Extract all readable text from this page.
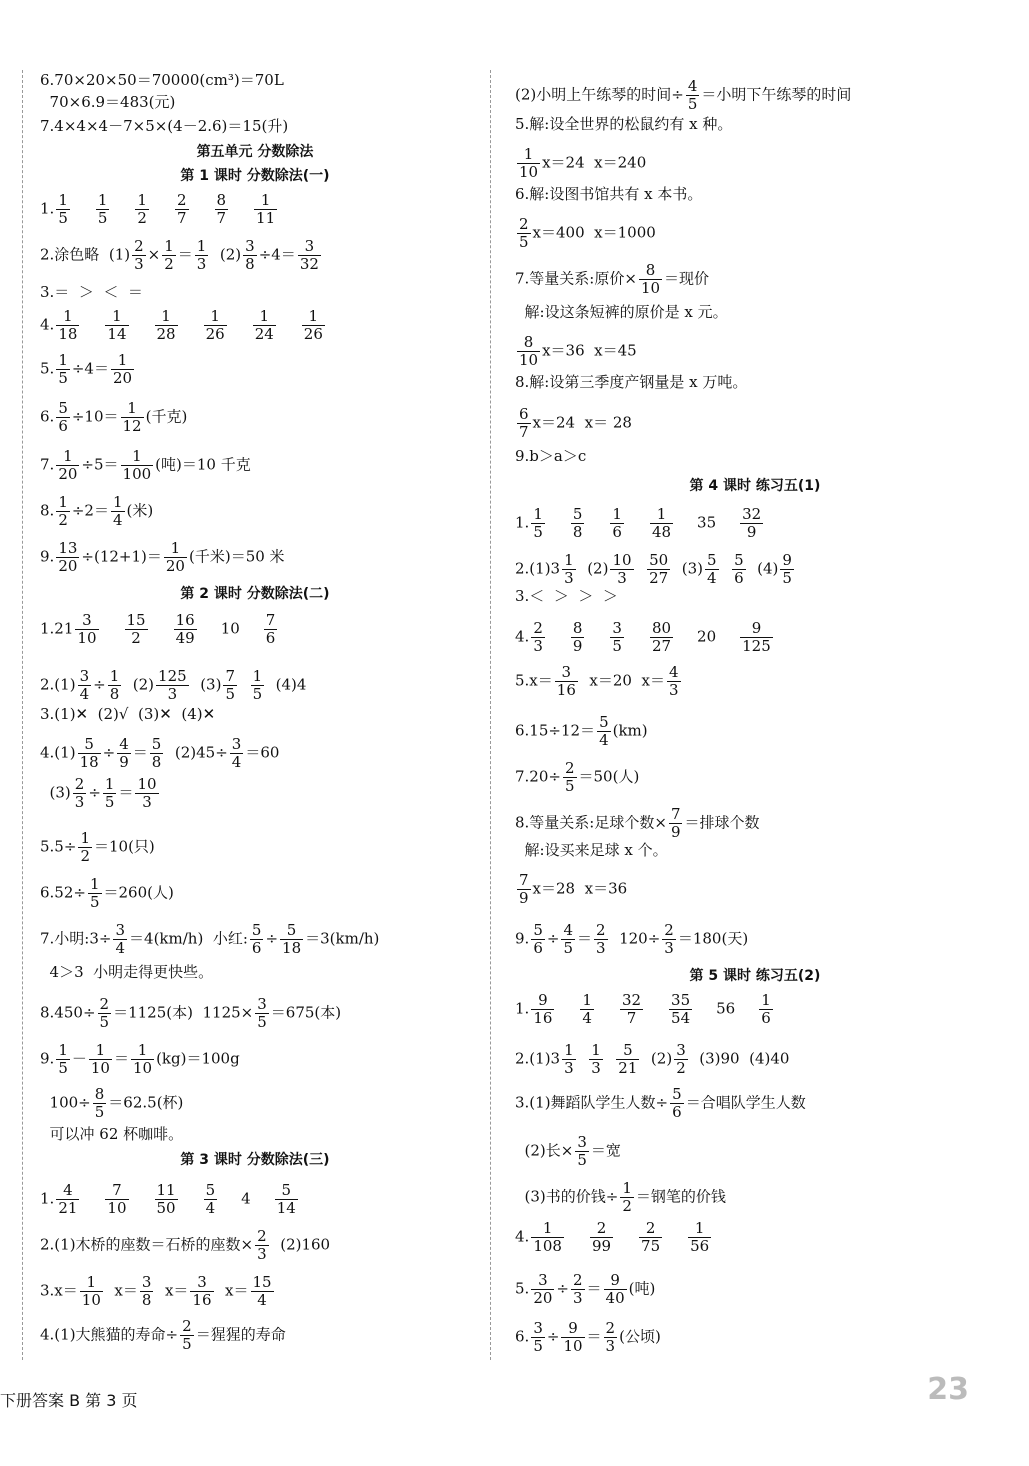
6.70×20×50＝70000(cm³)＝70L
70×6.9＝483(元)
7.4×4×4－7×5×(4－2.6)＝15(升)
第五单元 分数除法
第 1 课时 分数除法(一)
1. $\frac{1}{5} \frac{1}{5} \frac{1}{2} \frac{2}{7} \frac{8}{7} \frac{1}{11}$
2.涂色略  $(1) \frac{2}{3} \times \frac{1}{2} = \frac{1}{3} (2) \frac{3}{8} \div 4= \frac{3}{32}$
3.＝  ＞  ＜  ＝
4. $\frac{1}{18} \frac{1}{14} \frac{1}{28} \frac{1}{26} \frac{1}{24} \frac{1}{26}$
5. $\frac{1}{5} \div 4= \frac{1}{20}$
6. $\frac{5}{6} \div 10= \frac{1}{12}$ (千克)
7. $\frac{1}{20} \div 5= \frac{1}{100}$ (吨)＝10 千克
8. $\frac{1}{2} \div 2= \frac{1}{4}$ (米)
9. $\frac{13}{20} \div(12+1)= \frac{1}{20}$ (千米)＝50 米
第 2 课时 分数除法(二)
$1.21 \frac{3}{10} \frac{15}{2} \frac{16}{49} 10 \frac{7}{6}$
$2.(1) \frac{3}{4} \div \frac{1}{8} (2) \frac{125}{3} (3) \frac{7}{5}$
$\frac{1}{5} (4)4$
3.(1)✕  (2)√  (3)✕  (4)✕
$4.(1) \frac{5}{18} \div \frac{4}{9} = \frac{5}{8} (2)45\div \frac{3}{4} =60$
$(3) \frac{2}{3} \div \frac{1}{5} = \frac{10}{3}$
$5.5\div \frac{1}{2} =10$(只)
$6.52\div \frac{1}{5} =260$(人)
7.小明:3÷ $\frac{3}{4} =4(km/h)$  小红: $\frac{5}{6} \div \frac{5}{18} =3(km/h)$
4＞3  小明走得更快些。
$8.450\div \frac{2}{5} =1125$(本)  $1125\times \frac{3}{5} =675$(本)
9. $\frac{1}{5} - \frac{1}{10} = \frac{1}{10} (kg)=100g$
$100\div \frac{8}{5} =62.5$(杯)
可以冲 62 杯咖啡。
第 3 课时 分数除法(三)
1. $\frac{4}{21} \frac{7}{10} \frac{11}{50} \frac{5}{4} 4 \frac{5}{14}$
2.(1)木桥的座数＝石桥的座数× $\frac{2}{3} (2)160$
$3.x= \frac{1}{10} x= \frac{3}{8} x= \frac{3}{16} x= \frac{15}{4}$
4.(1)大熊猫的寿命÷ $\frac{2}{5}$ ＝猩猩的寿命
(2)小明上午练琴的时间÷ $\frac{4}{5}$ ＝小明下午练琴的时间
5.解:设全世界的松鼠约有 x 种。
$\frac{1}{10} x=24$  x＝240
6.解:设图书馆共有 x 本书。
$\frac{2}{5} x=400$  x＝1000
7.等量关系:原价× $\frac{8}{10}$ ＝现价
解:设这条短裤的原价是 x 元。
$\frac{8}{10} x=36$  x＝45
8.解:设第三季度产钢量是 x 万吨。
$\frac{6}{7} x=24$  x＝ 28
9.b＞a＞c
第 4 课时 练习五(1)
1. $\frac{1}{5} \frac{5}{8} \frac{1}{6} \frac{1}{48} 35 \frac{32}{9}$
$2.(1)3 \frac{1}{3} (2) \frac{10}{3}$
$\frac{50}{27} (3) \frac{5}{4}$
$\frac{5}{6} (4) \frac{9}{5}$
3.＜  ＞  ＞  ＞
4. $\frac{2}{3} \frac{8}{9} \frac{3}{5} \frac{80}{27} 20 \frac{9}{125}$
$5.x= \frac{3}{16} x=20$  $x= \frac{4}{3}$
$6.15\div 12= \frac{5}{4} (km)$
$7.20\div \frac{2}{5} =50$(人)
8.等量关系:足球个数× $\frac{7}{9}$ ＝排球个数
解:设买来足球 x 个。
$\frac{7}{9} x=28$  x＝36
9. $\frac{5}{6} \div \frac{4}{5} = \frac{2}{3} 120\div \frac{2}{3} =180$(天)
第 5 课时 练习五(2)
1. $\frac{9}{16} \frac{1}{4} \frac{32}{7} \frac{35}{54} 56 \frac{1}{6}$
$2.(1)3 \frac{1}{3}$
$\frac{1}{3}$
$\frac{5}{21} (2) \frac{3}{2} (3)90$  (4)40
3.(1)舞蹈队学生人数÷ $\frac{5}{6}$ ＝合唱队学生人数
(2)长× $\frac{3}{5}$ ＝宽
(3)书的价钱÷ $\frac{1}{2}$ ＝钢笔的价钱
4. $\frac{1}{108} \frac{2}{99} \frac{2}{75} \frac{1}{56}$
5. $\frac{3}{20} \div \frac{2}{3} = \frac{9}{40}$ (吨)
6. $\frac{3}{5} \div \frac{9}{10} = \frac{2}{3}$ (公顷)
下册答案 B 第 3 页	23
